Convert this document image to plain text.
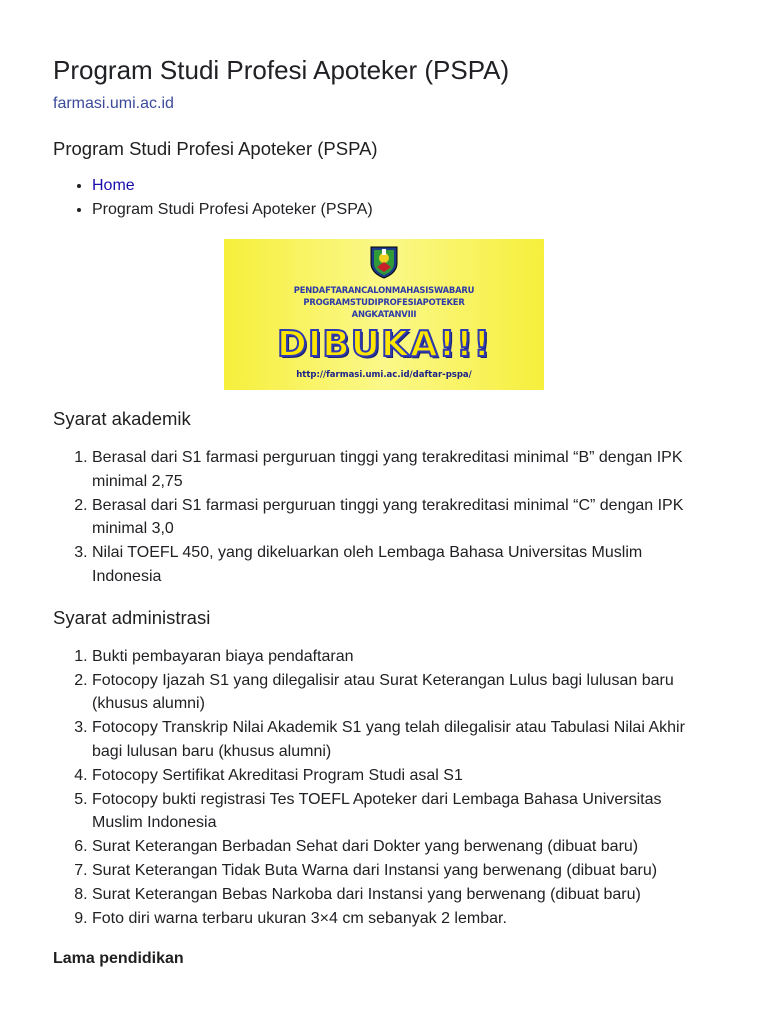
Program Studi Profesi Apoteker (PSPA)
farmasi.umi.ac.id
Program Studi Profesi Apoteker (PSPA)
• Home
• Program Studi Profesi Apoteker (PSPA)
PENDAFTARANCALONMAHASISWABARU
PROGRAMSTUDIPROFESIAPOTEKER
ANGKATANVIII
DIBUKA!!!
http://farmasi.umi.ac.id/daftar-pspa/
Syarat akademik
1. Berasal dari S1 farmasi perguruan tinggi yang terakreditasi minimal “B” dengan IPK minimal 2,75
2. Berasal dari S1 farmasi perguruan tinggi yang terakreditasi minimal “C” dengan IPK minimal 3,0
3. Nilai TOEFL 450, yang dikeluarkan oleh Lembaga Bahasa Universitas Muslim Indonesia
Syarat administrasi
1. Bukti pembayaran biaya pendaftaran
2. Fotocopy Ijazah S1 yang dilegalisir atau Surat Keterangan Lulus bagi lulusan baru (khusus alumni)
3. Fotocopy Transkrip Nilai Akademik S1 yang telah dilegalisir atau Tabulasi Nilai Akhir bagi lulusan baru (khusus alumni)
4. Fotocopy Sertifikat Akreditasi Program Studi asal S1
5. Fotocopy bukti registrasi Tes TOEFL Apoteker dari Lembaga Bahasa Universitas Muslim Indonesia
6. Surat Keterangan Berbadan Sehat dari Dokter yang berwenang (dibuat baru)
7. Surat Keterangan Tidak Buta Warna dari Instansi yang berwenang (dibuat baru)
8. Surat Keterangan Bebas Narkoba dari Instansi yang berwenang (dibuat baru)
9. Foto diri warna terbaru ukuran 3×4 cm sebanyak 2 lembar.
Lama pendidikan
